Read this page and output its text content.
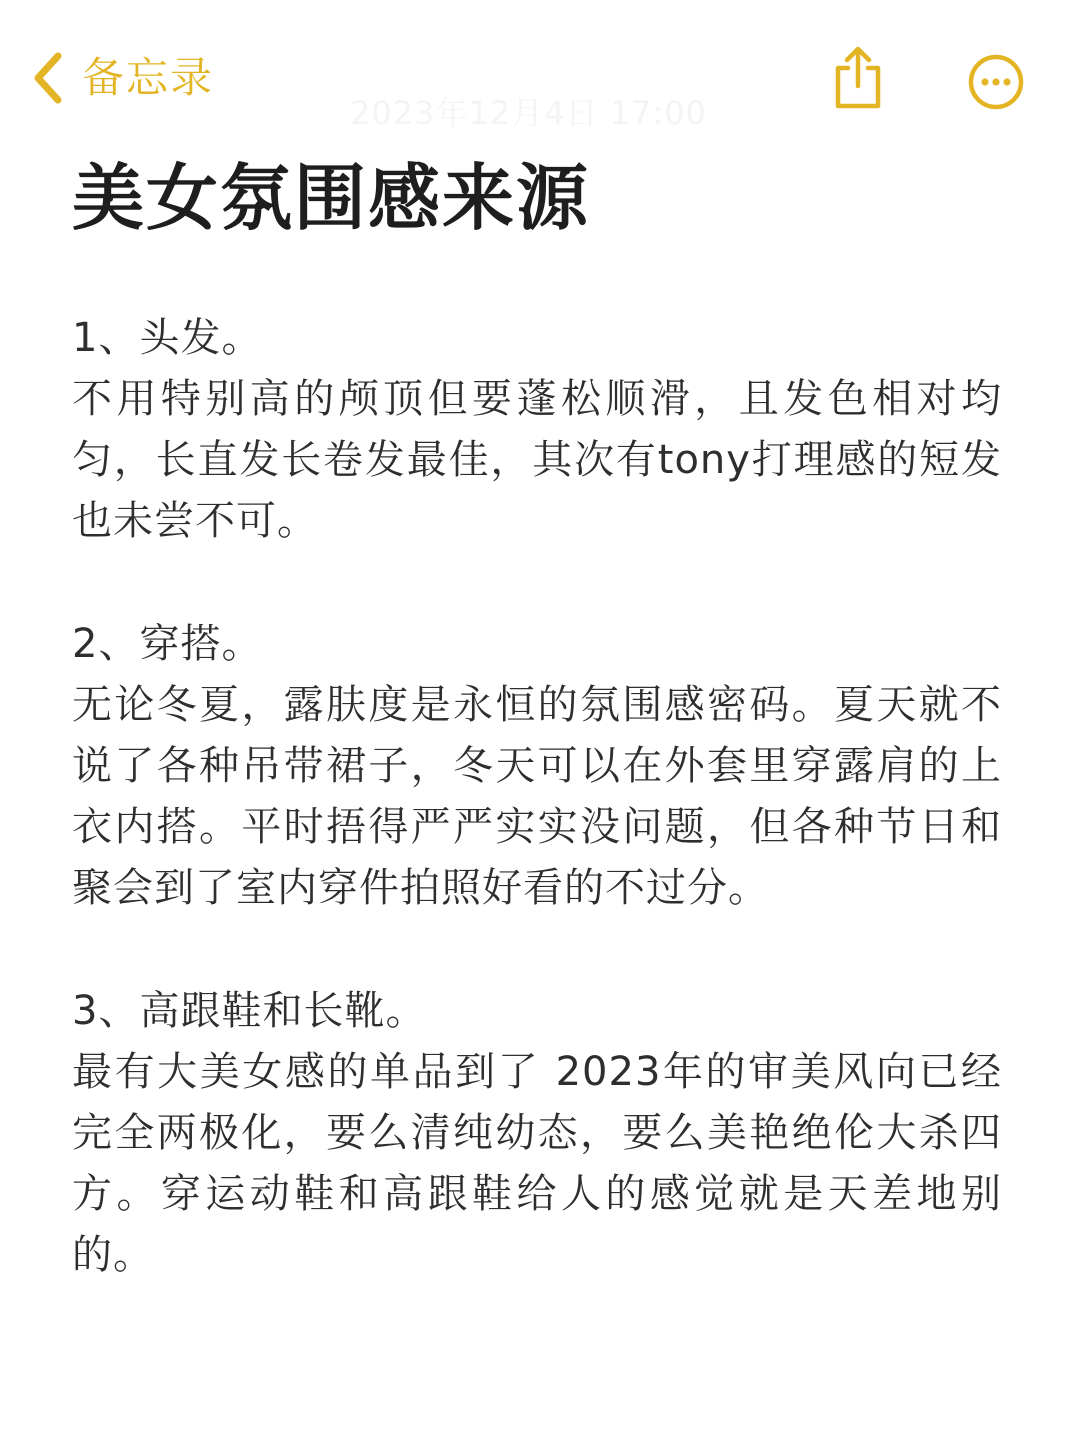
备忘录
2023年12月4日 17:00
美女氛围感来源

1、头发。

不用特别高的颅顶但要蓬松顺滑，且发色相对均匀，长直发长卷发最佳，其次有tony打理感的短发也未尝不可。

2、穿搭。

无论冬夏，露肤度是永恒的氛围感密码。夏天就不说了各种吊带裙子，冬天可以在外套里穿露肩的上衣内搭。平时捂得严严实实没问题，但各种节日和聚会到了室内穿件拍照好看的不过分。

3、高跟鞋和长靴。

最有大美女感的单品到了 2023年的审美风向已经完全两极化，要么清纯幼态，要么美艳绝伦大杀四方。穿运动鞋和高跟鞋给人的感觉就是天差地别的。
